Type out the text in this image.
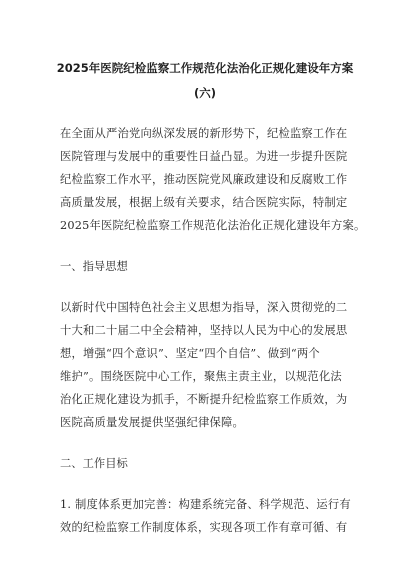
2025年医院纪检监察工作规范化法治化正规化建设年方案
(六)
在全面从严治党向纵深发展的新形势下，纪检监察工作在
医院管理与发展中的重要性日益凸显。为进一步提升医院
纪检监察工作水平，推动医院党风廉政建设和反腐败工作
高质量发展，根据上级有关要求，结合医院实际，特制定
2025年医院纪检监察工作规范化法治化正规化建设年方案。
一、指导思想
以新时代中国特色社会主义思想为指导，深入贯彻党的二
十大和二十届二中全会精神，坚持以人民为中心的发展思
想，增强“四个意识”、坚定“四个自信”、做到“两个
维护”。围绕医院中心工作，聚焦主责主业，以规范化法
治化正规化建设为抓手，不断提升纪检监察工作质效，为
医院高质量发展提供坚强纪律保障。
二、工作目标
1. 制度体系更加完善：构建系统完备、科学规范、运行有
效的纪检监察工作制度体系，实现各项工作有章可循、有
